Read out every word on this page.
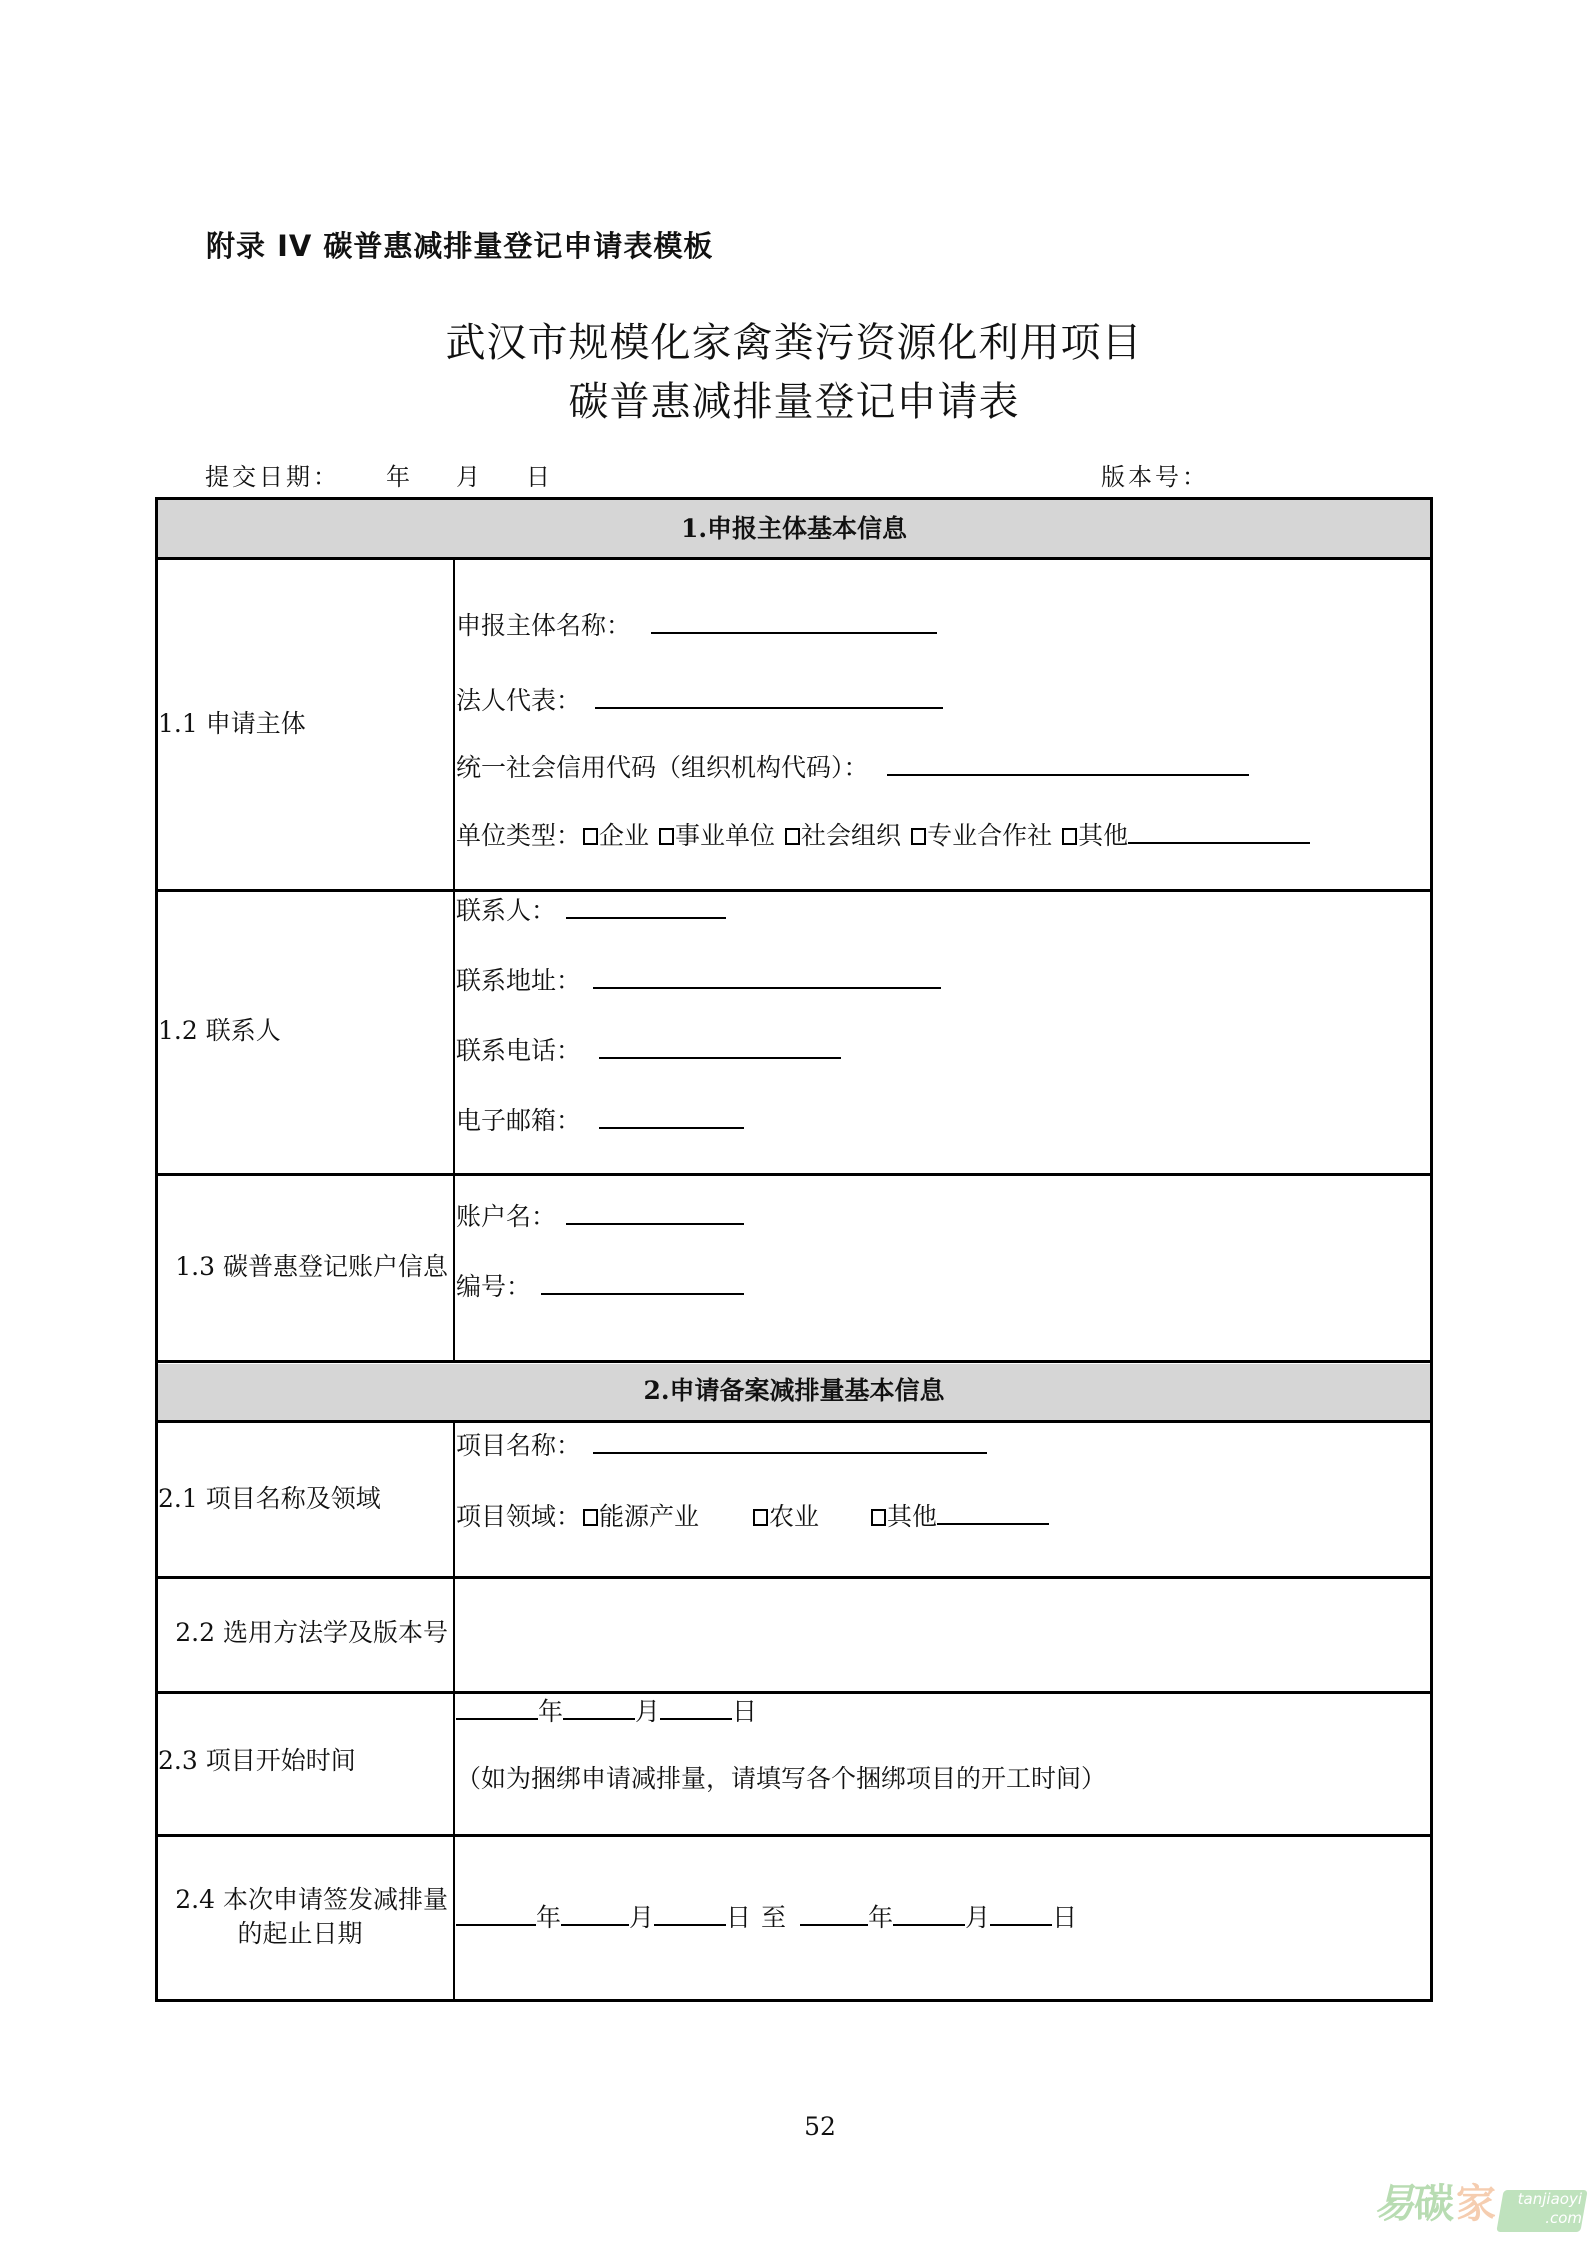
附录 IV 碳普惠减排量登记申请表模板
武汉市规模化家禽粪污资源化利用项目
碳普惠减排量登记申请表
提交日期： 年 月 日	版本号：
1.申报主体基本信息
1.1 申请主体
申报主体名称：
法人代表：
统一社会信用代码（组织机构代码）：
单位类型： 企业 事业单位 社会组织 专业合作社 其他
1.2 联系人
联系人：
联系地址：
联系电话：
电子邮箱：
1.3 碳普惠登记账户信息
账户名：
编号：
2.申请备案减排量基本信息
2.1 项目名称及领域
项目名称：
项目领域： 能源产业	农业	其他
2.2 选用方法学及版本号
2.3 项目开始时间
年	月	日
（如为捆绑申请减排量，请填写各个捆绑项目的开工时间）
2.4 本次申请签发减排量
的起止日期
年	月	日 至	年	月 日
52
易 碳 家	tanjiaoyi
.com
